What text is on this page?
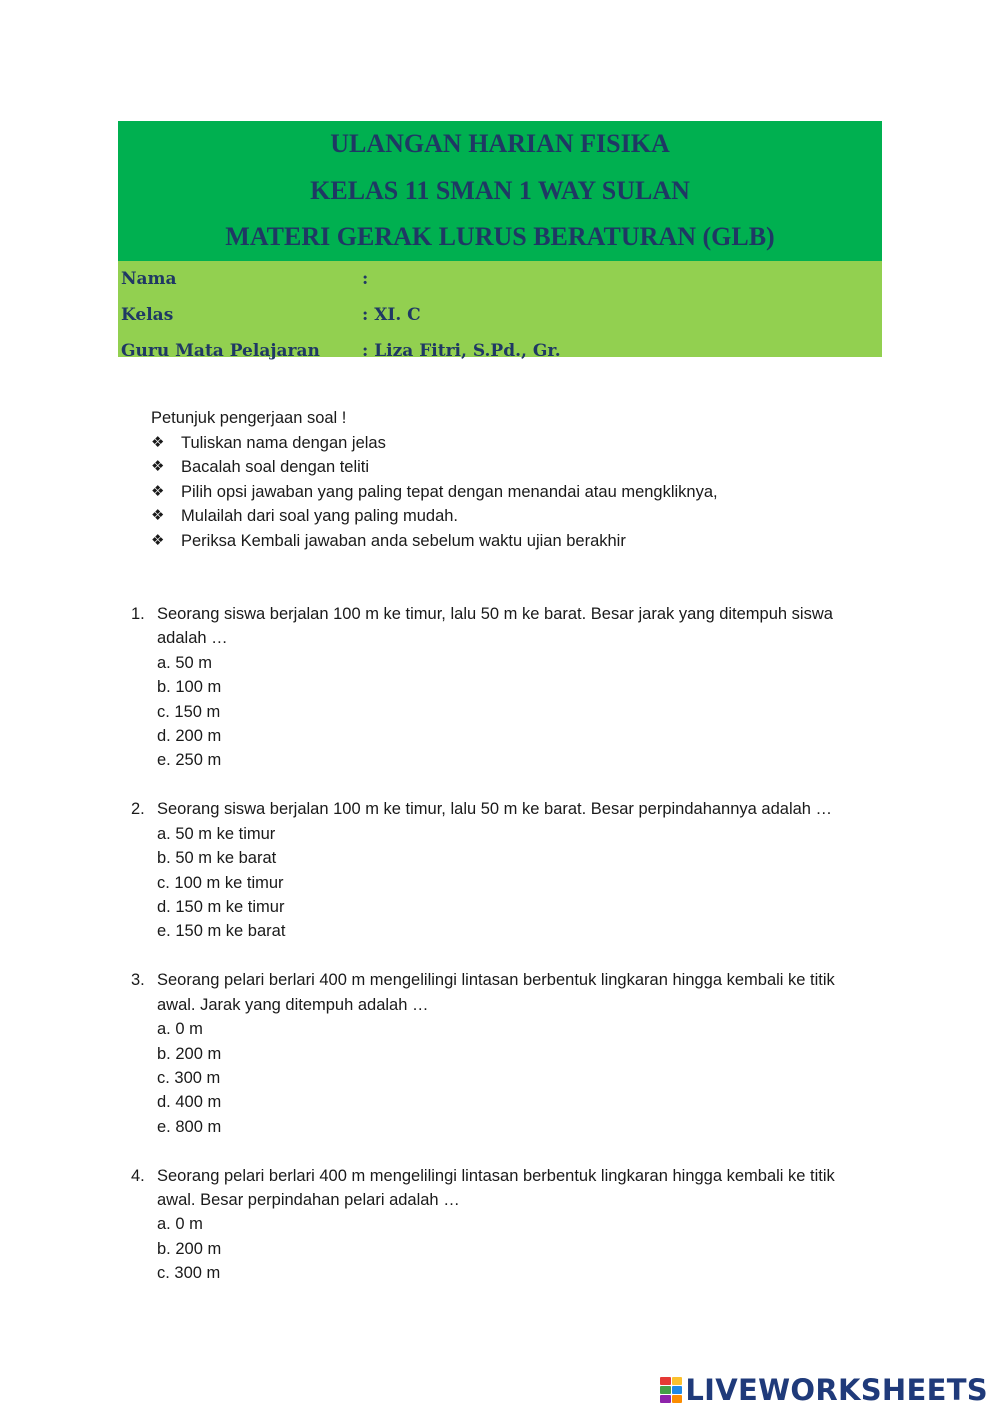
ULANGAN HARIAN FISIKA
KELAS 11 SMAN 1 WAY SULAN
MATERI GERAK LURUS BERATURAN (GLB)
Nama	:
Kelas	: XI. C
Guru Mata Pelajaran : Liza Fitri, S.Pd., Gr.
Petunjuk pengerjaan soal !
❖ Tuliskan nama dengan jelas
❖ Bacalah soal dengan teliti
❖ Pilih opsi jawaban yang paling tepat dengan menandai atau mengkliknya,
❖ Mulailah dari soal yang paling mudah.
❖ Periksa Kembali jawaban anda sebelum waktu ujian berakhir
1. Seorang siswa berjalan 100 m ke timur, lalu 50 m ke barat. Besar jarak yang ditempuh siswa adalah …
a. 50 m
b. 100 m
c. 150 m
d. 200 m
e. 250 m
2. Seorang siswa berjalan 100 m ke timur, lalu 50 m ke barat. Besar perpindahannya adalah …
a. 50 m ke timur
b. 50 m ke barat
c. 100 m ke timur
d. 150 m ke timur
e. 150 m ke barat
3. Seorang pelari berlari 400 m mengelilingi lintasan berbentuk lingkaran hingga kembali ke titik awal. Jarak yang ditempuh adalah …
a. 0 m
b. 200 m
c. 300 m
d. 400 m
e. 800 m
4. Seorang pelari berlari 400 m mengelilingi lintasan berbentuk lingkaran hingga kembali ke titik awal. Besar perpindahan pelari adalah …
a. 0 m
b. 200 m
c. 300 m
LIVEWORKSHEETS
